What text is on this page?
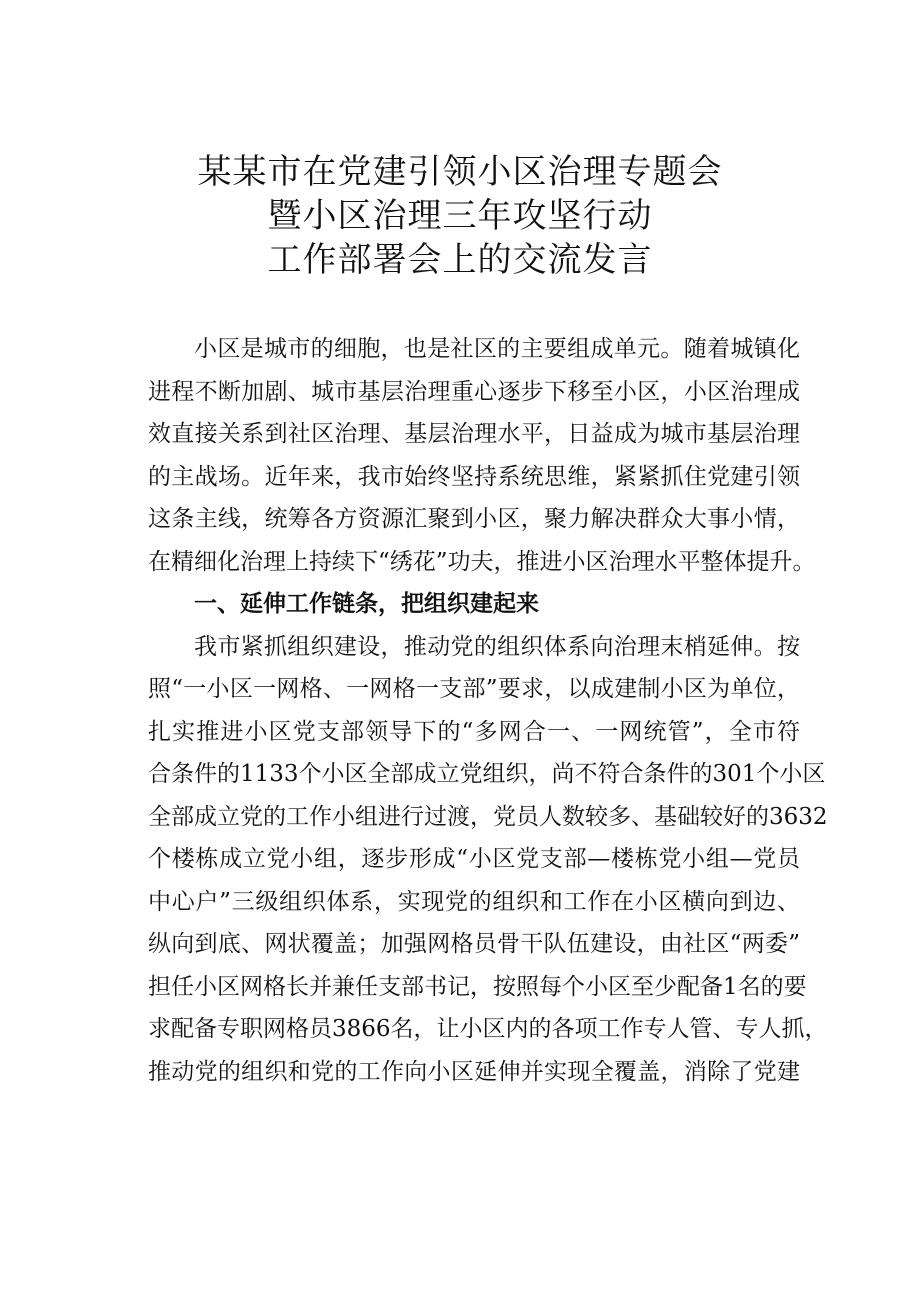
某某市在党建引领小区治理专题会
暨小区治理三年攻坚行动
工作部署会上的交流发言
小区是城市的细胞，也是社区的主要组成单元。随着城镇化
进程不断加剧、城市基层治理重心逐步下移至小区，小区治理成
效直接关系到社区治理、基层治理水平，日益成为城市基层治理
的主战场。近年来，我市始终坚持系统思维，紧紧抓住党建引领
这条主线，统筹各方资源汇聚到小区，聚力解决群众大事小情，
在精细化治理上持续下“绣花”功夫，推进小区治理水平整体提升。
一、延伸工作链条，把组织建起来
我市紧抓组织建设，推动党的组织体系向治理末梢延伸。按
照“一小区一网格、一网格一支部”要求，以成建制小区为单位，
扎实推进小区党支部领导下的“多网合一、一网统管”，全市符
合条件的1133个小区全部成立党组织，尚不符合条件的301个小区
全部成立党的工作小组进行过渡，党员人数较多、基础较好的3632
个楼栋成立党小组，逐步形成“小区党支部—楼栋党小组—党员
中心户”三级组织体系，实现党的组织和工作在小区横向到边、
纵向到底、网状覆盖；加强网格员骨干队伍建设，由社区“两委”
担任小区网格长并兼任支部书记，按照每个小区至少配备1名的要
求配备专职网格员3866名，让小区内的各项工作专人管、专人抓，
推动党的组织和党的工作向小区延伸并实现全覆盖，消除了党建
